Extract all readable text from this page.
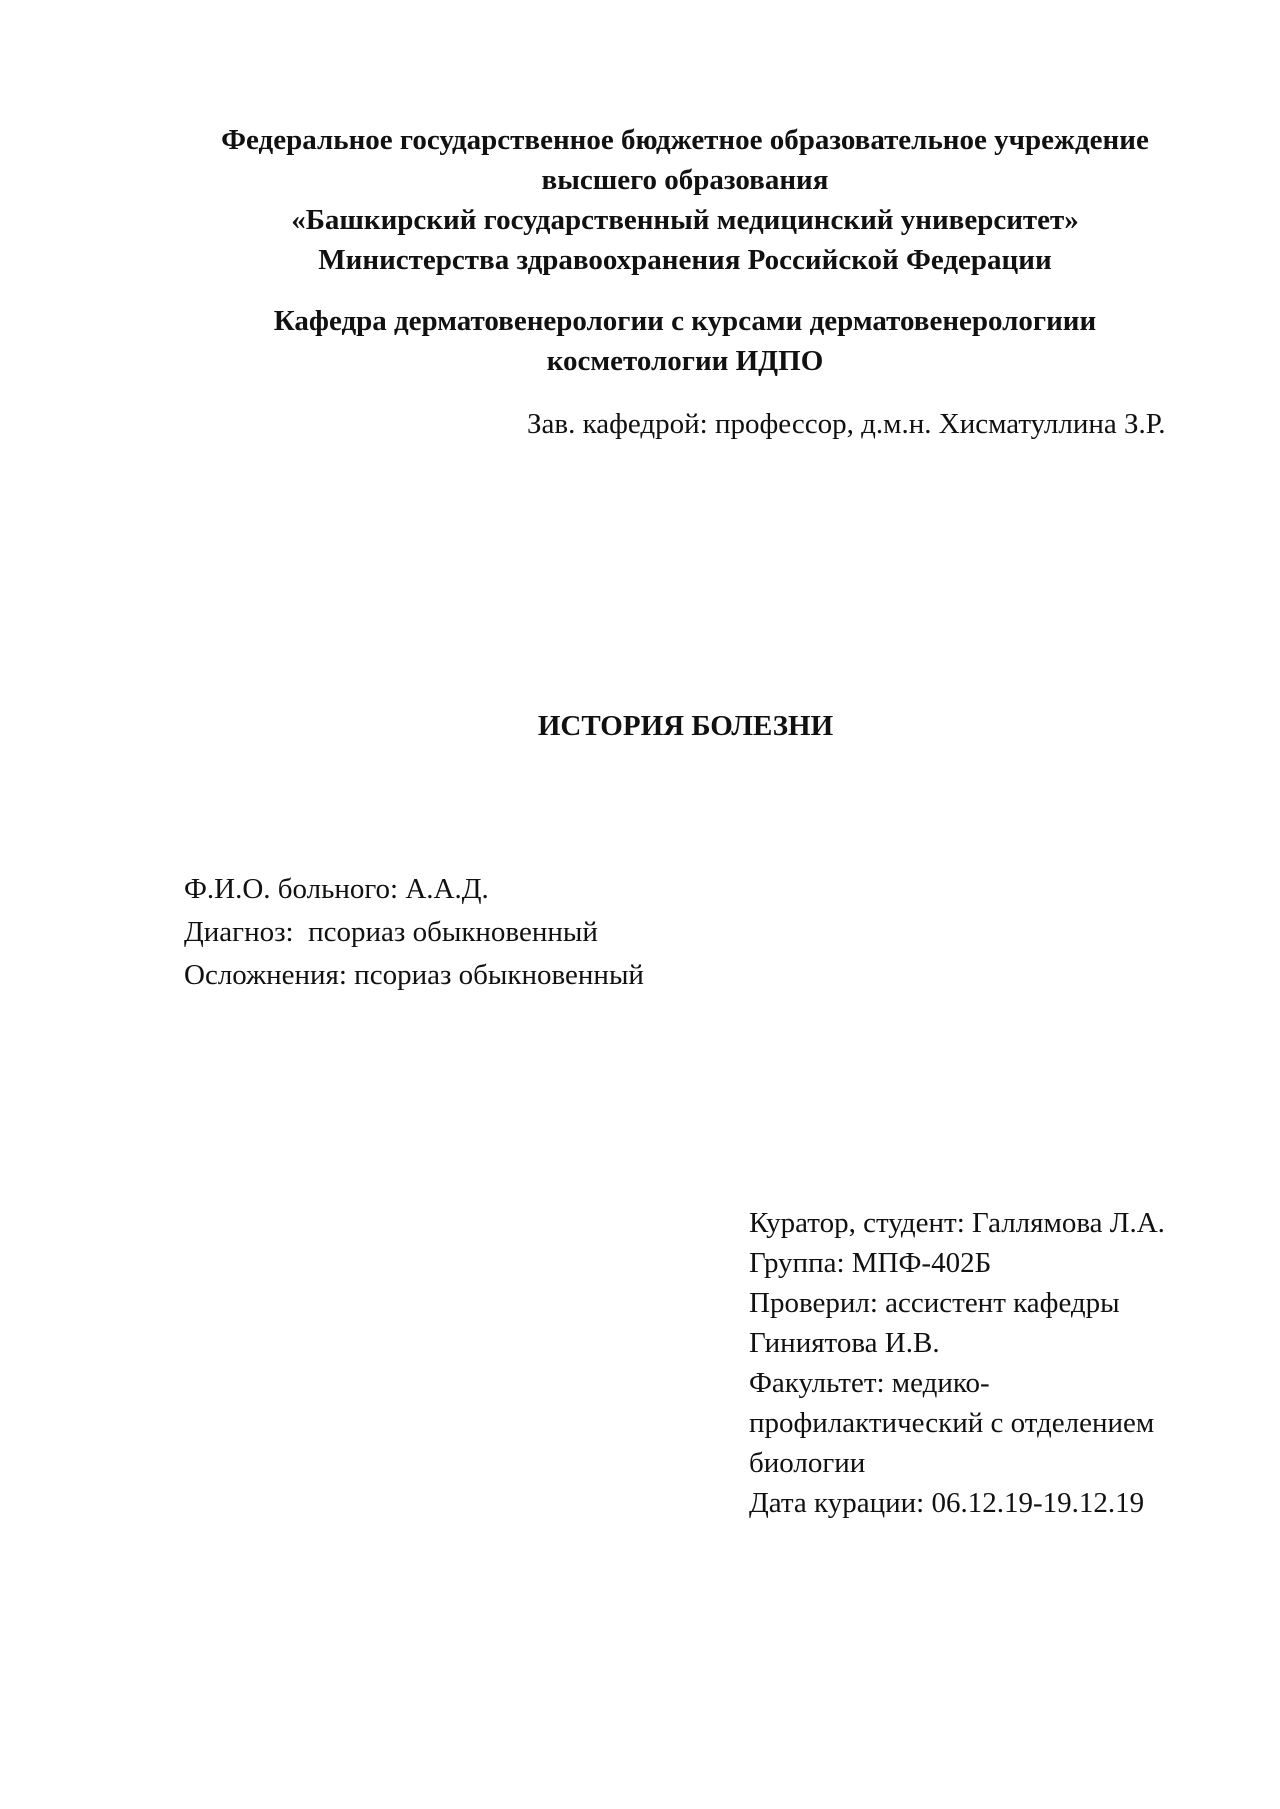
Федеральное государственное бюджетное образовательное учреждение
высшего образования
«Башкирский государственный медицинский университет»
Министерства здравоохранения Российской Федерации
Кафедра дерматовенерологии с курсами дерматовенерологиии
косметологии ИДПО
Зав. кафедрой: профессор, д.м.н. Хисматуллина З.Р.
ИСТОРИЯ БОЛЕЗНИ
Ф.И.О. больного: А.А.Д.
Диагноз:  псориаз обыкновенный
Осложнения: псориаз обыкновенный
Куратор, студент: Галлямова Л.А.
Группа: МПФ-402Б
Проверил: ассистент кафедры Гиниятова И.В.
Факультет: медико-профилактический с отделением биологии
Дата курации: 06.12.19-19.12.19
